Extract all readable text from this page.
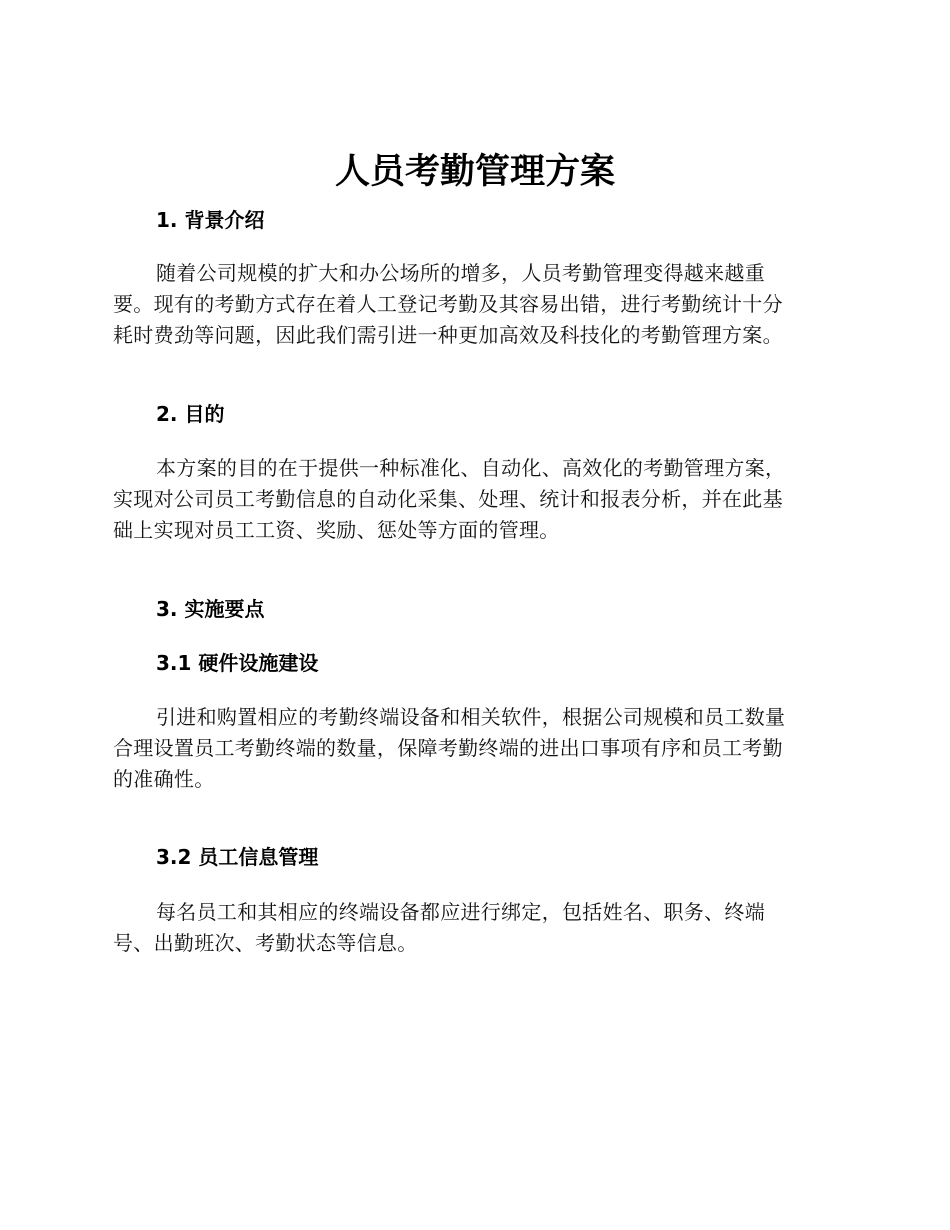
人员考勤管理方案
1. 背景介绍
随着公司规模的扩大和办公场所的增多，人员考勤管理变得越来越重
要。现有的考勤方式存在着人工登记考勤及其容易出错，进行考勤统计十分
耗时费劲等问题，因此我们需引进一种更加高效及科技化的考勤管理方案。
2. 目的
本方案的目的在于提供一种标准化、自动化、高效化的考勤管理方案，
实现对公司员工考勤信息的自动化采集、处理、统计和报表分析，并在此基
础上实现对员工工资、奖励、惩处等方面的管理。
3. 实施要点
3.1 硬件设施建设
引进和购置相应的考勤终端设备和相关软件，根据公司规模和员工数量
合理设置员工考勤终端的数量，保障考勤终端的进出口事项有序和员工考勤
的准确性。
3.2 员工信息管理
每名员工和其相应的终端设备都应进行绑定，包括姓名、职务、终端
号、出勤班次、考勤状态等信息。
